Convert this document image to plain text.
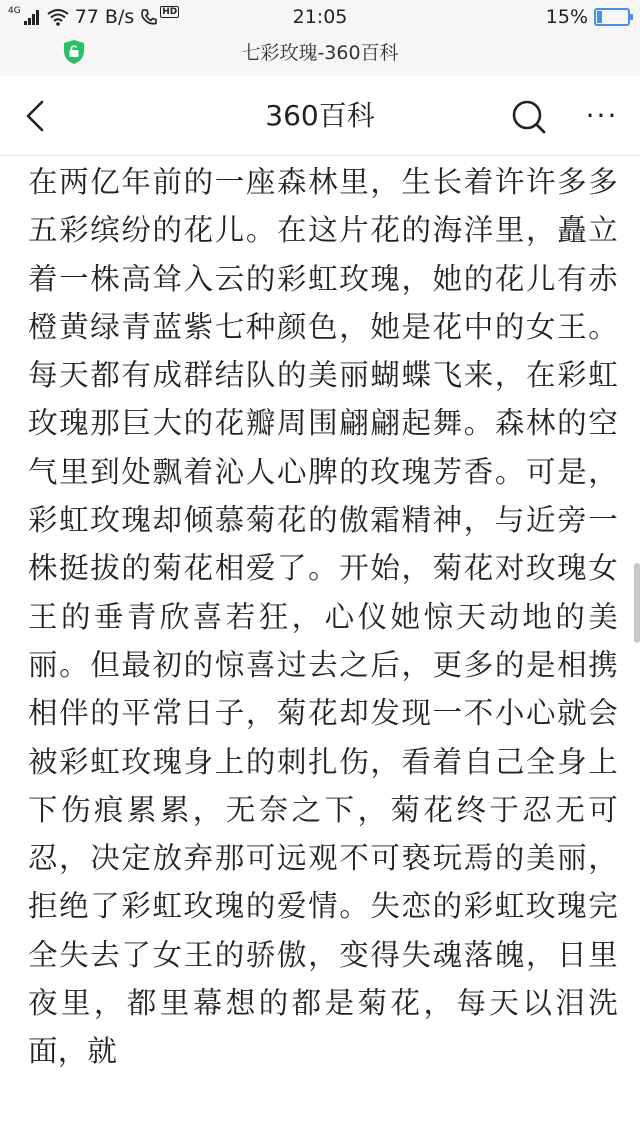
4G	77 B/s	HD	21:05	15%
七彩玫瑰-360百科
360百科	···

在两亿年前的一座森林里，生长着许许多多五彩缤纷的花儿。在这片花的海洋里，矗立着一株高耸入云的彩虹玫瑰，她的花儿有赤橙黄绿青蓝紫七种颜色，她是花中的女王。每天都有成群结队的美丽蝴蝶飞来，在彩虹玫瑰那巨大的花瓣周围翩翩起舞。森林的空气里到处飘着沁人心脾的玫瑰芳香。可是，彩虹玫瑰却倾慕菊花的傲霜精神，与近旁一株挺拔的菊花相爱了。开始，菊花对玫瑰女王的垂青欣喜若狂，心仪她惊天动地的美丽。但最初的惊喜过去之后，更多的是相携相伴的平常日子，菊花却发现一不小心就会被彩虹玫瑰身上的刺扎伤，看着自己全身上下伤痕累累，无奈之下，菊花终于忍无可忍，决定放弃那可远观不可亵玩焉的美丽，拒绝了彩虹玫瑰的爱情。失恋的彩虹玫瑰完全失去了女王的骄傲，变得失魂落魄，日里夜里，都里幕想的都是菊花，每天以泪洗面，就
